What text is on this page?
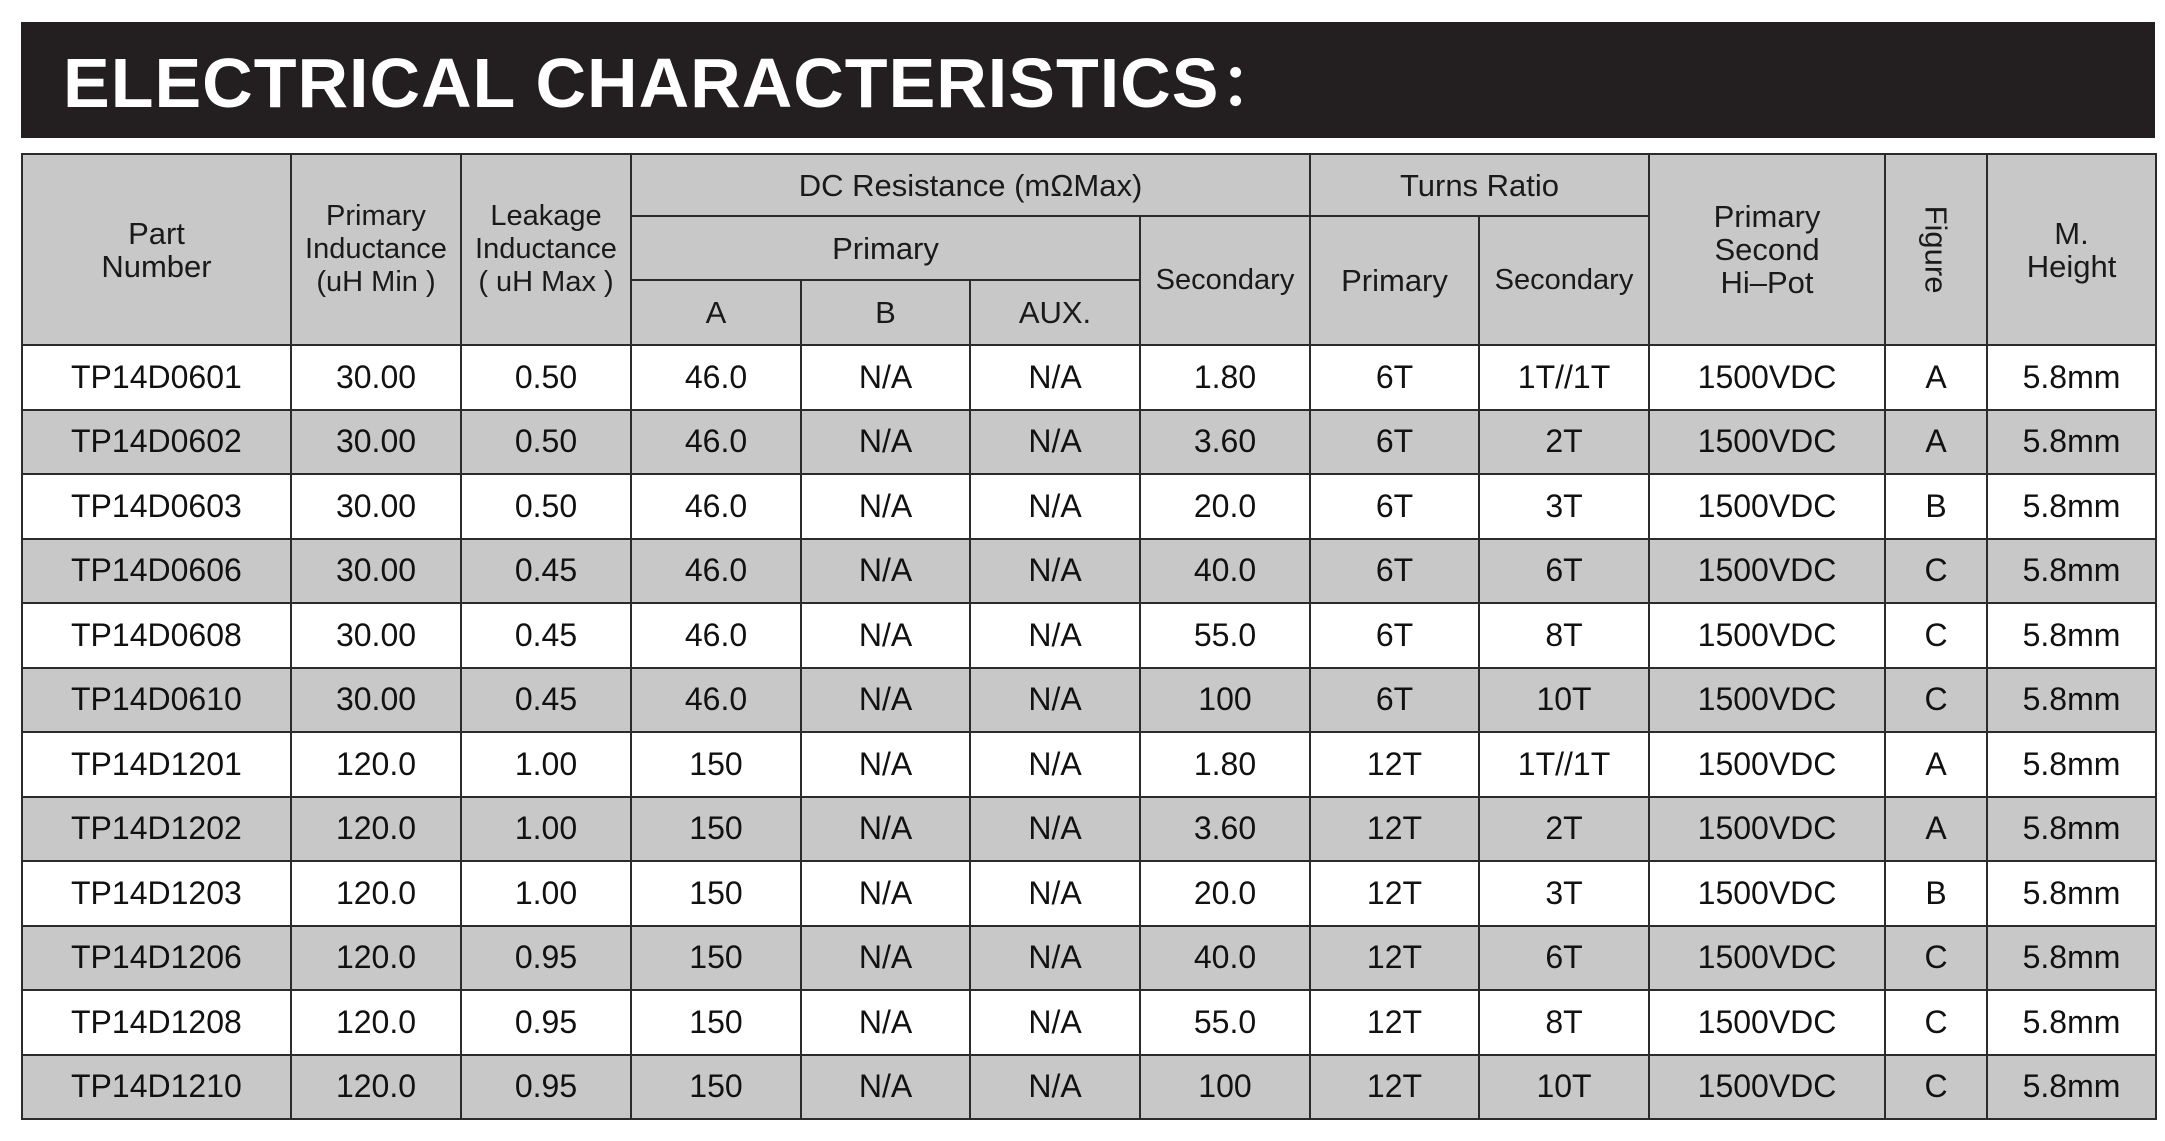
ELECTRICAL CHARACTERISTICS：
Part Number	Primary Inductance (uH Min )	Leakage Inductance ( uH Max )	DC Resistance (mΩMax)				Turns Ratio		Primary Second Hi–Pot	Figure	M. Height
			Primary			Secondary	Primary	Secondary			
			A	B	AUX.						
TP14D0601	30.00	0.50	46.0	N/A	N/A	1.80	6T	1T//1T	1500VDC	A	5.8mm
TP14D0602	30.00	0.50	46.0	N/A	N/A	3.60	6T	2T	1500VDC	A	5.8mm
TP14D0603	30.00	0.50	46.0	N/A	N/A	20.0	6T	3T	1500VDC	B	5.8mm
TP14D0606	30.00	0.45	46.0	N/A	N/A	40.0	6T	6T	1500VDC	C	5.8mm
TP14D0608	30.00	0.45	46.0	N/A	N/A	55.0	6T	8T	1500VDC	C	5.8mm
TP14D0610	30.00	0.45	46.0	N/A	N/A	100	6T	10T	1500VDC	C	5.8mm
TP14D1201	120.0	1.00	150	N/A	N/A	1.80	12T	1T//1T	1500VDC	A	5.8mm
TP14D1202	120.0	1.00	150	N/A	N/A	3.60	12T	2T	1500VDC	A	5.8mm
TP14D1203	120.0	1.00	150	N/A	N/A	20.0	12T	3T	1500VDC	B	5.8mm
TP14D1206	120.0	0.95	150	N/A	N/A	40.0	12T	6T	1500VDC	C	5.8mm
TP14D1208	120.0	0.95	150	N/A	N/A	55.0	12T	8T	1500VDC	C	5.8mm
TP14D1210	120.0	0.95	150	N/A	N/A	100	12T	10T	1500VDC	C	5.8mm
